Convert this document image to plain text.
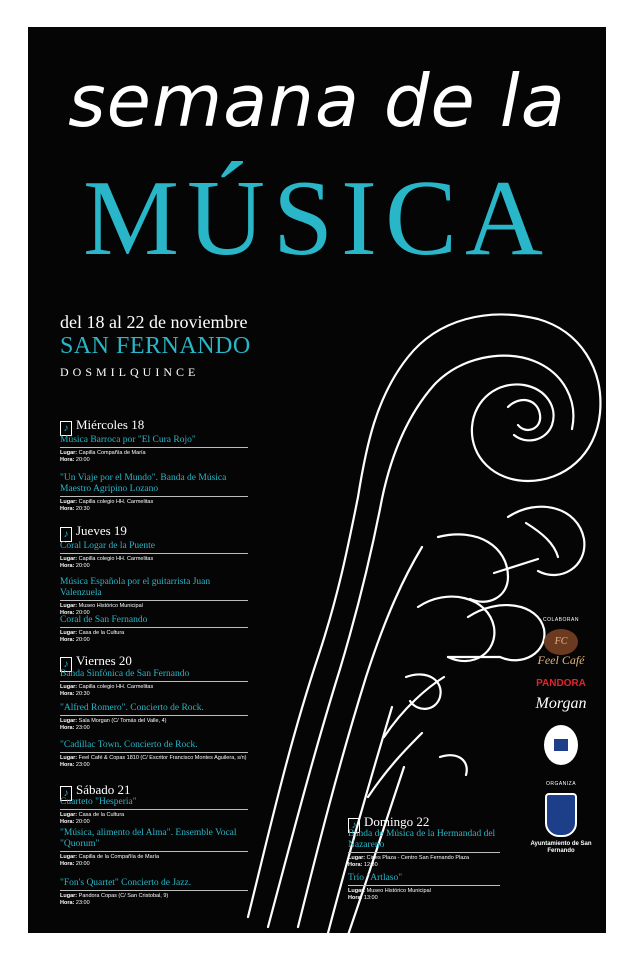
semana de la
MÚSICA
del 18 al 22 de noviembre
SAN FERNANDO
DOSMILQUINCE
♪ Miércoles 18
Música Barroca por "El Cura Rojo"
Lugar: Capilla Compañía de María
Hora: 20:00
"Un Viaje por el Mundo". Banda de Música Maestro Agripino Lozano
Lugar: Capilla colegio HH. Carmelitas
Hora: 20:30
♪ Jueves 19
Coral Logar de la Puente
Lugar: Capilla colegio HH. Carmelitas
Hora: 20:00
Música Española por el guitarrista Juan Valenzuela
Lugar: Museo Histórico Municipal
Hora: 20:00
Coral de San Fernando
Lugar: Casa de la Cultura
Hora: 20:00
♪ Viernes 20
Banda Sinfónica de San Fernando
Lugar: Capilla colegio HH. Carmelitas
Hora: 20:30
"Alfred Romero". Concierto de Rock.
Lugar: Sala Morgan (C/ Tomás del Valle, 4)
Hora: 23:00
"Cadillac Town. Concierto de Rock.
Lugar: Feel Café & Copas 1810 (C/ Escritor Francisco Montes Aguilera, s/n)
Hora: 23:00
♪ Sábado 21
Cuarteto "Hesperia"
Lugar: Casa de la Cultura
Hora: 20:00
"Música, alimento del Alma". Ensemble Vocal "Quorum"
Lugar: Capilla de la Compañía de María
Hora: 20:00
"Fon's Quartet" Concierto de Jazz.
Lugar: Pandora Copas (C/ San Cristobal, 9)
Hora: 23:00
♪ Domingo 22
Banda de Música de la Hermandad del Nazareno
Lugar: Cines Plaza - Centro San Fernando Plaza
Hora: 12:30
Trío "Artlaso"
Lugar: Museo Histórico Municipal
Hora: 13:00
COLABORAN
FC
Feel Café
PANDORA
Morgan
ORGANIZA
Ayuntamiento de San Fernando
